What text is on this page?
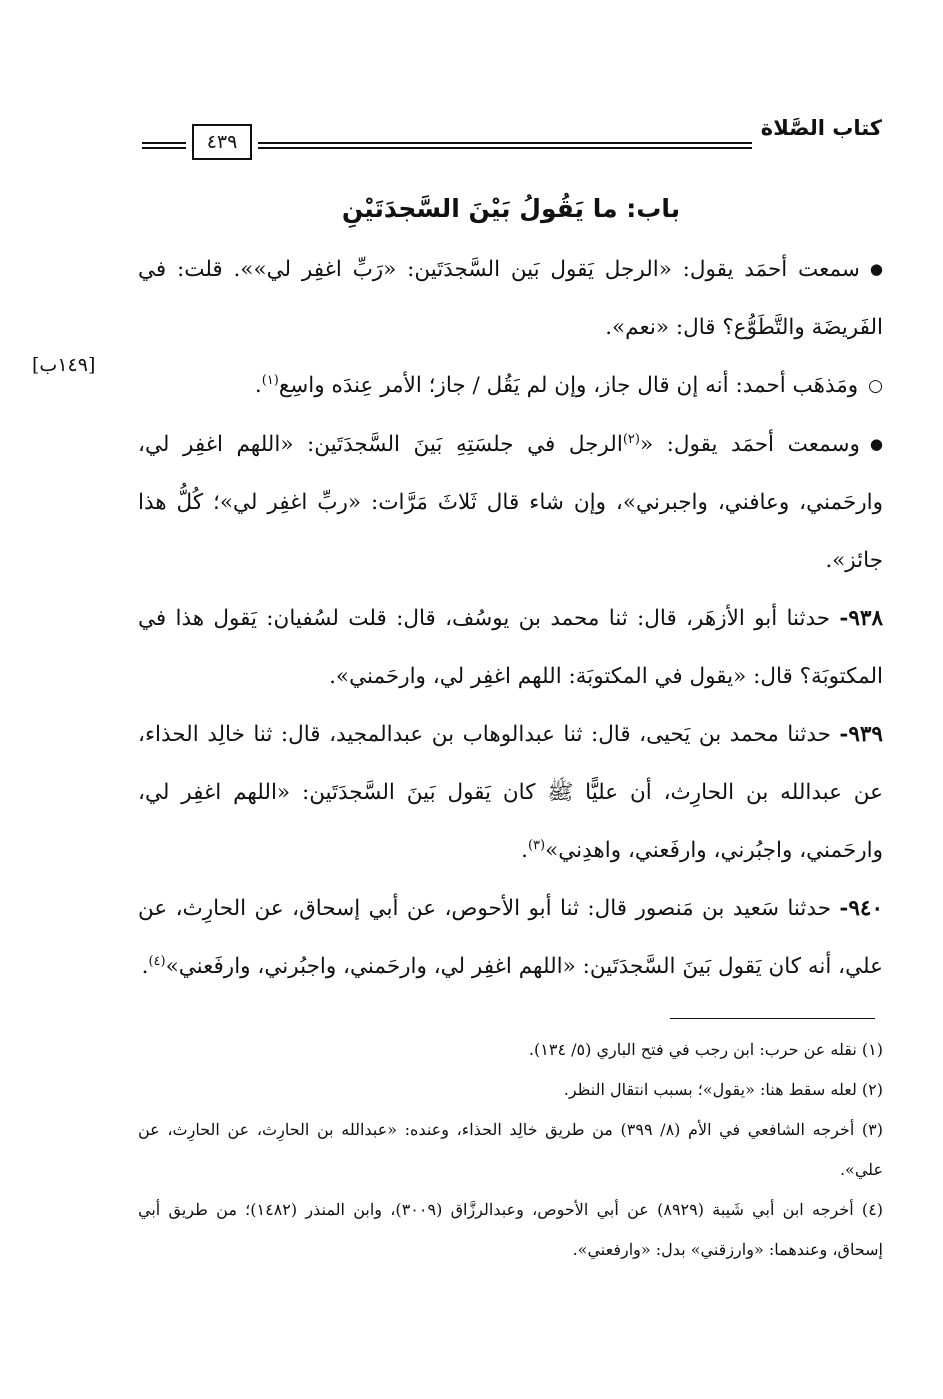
كتاب الصَّلاة
٤٣٩
باب: ما يَقُولُ بَيْنَ السَّجدَتَيْنِ
[١٤٩ب]

●سمعت أحمَد يقول: «الرجل يَقول بَين السَّجدَتَين: «رَبِّ اغفِر لي»». قلت: في الفَريضَة والتَّطَوُّع؟ قال: «نعم».

○ومَذهَب أحمد: أنه إن قال جاز، وإن لم يَقُل / جاز؛ الأمر عِندَه واسِع$^{(١)}$.

●وسمعت أحمَد يقول: «$^{(٢)}$الرجل في جلسَتِهِ بَينَ السَّجدَتَين: «اللهم اغفِر لي، وارحَمني، وعافني، واجبرني»، وإن شاء قال ثَلاثَ مَرَّات: «ربِّ اغفِر لي»؛ كُلُّ هذا جائز».

٩٣٨- حدثنا أبو الأزهَر، قال: ثنا محمد بن يوسُف، قال: قلت لسُفيان: يَقول هذا في المكتوبَة؟ قال: «يقول في المكتوبَة: اللهم اغفِر لي، وارحَمني».

٩٣٩- حدثنا محمد بن يَحيى، قال: ثنا عبدالوهاب بن عبدالمجيد، قال: ثنا خالِد الحذاء، عن عبدالله بن الحارِث، أن عليًّا ﷺ كان يَقول بَينَ السَّجدَتَين: «اللهم اغفِر لي، وارحَمني، واجبُرني، وارفَعني، واهدِني»$^{(٣)}$.

٩٤٠- حدثنا سَعيد بن مَنصور قال: ثنا أبو الأحوص، عن أبي إسحاق، عن الحارِث، عن علي، أنه كان يَقول بَينَ السَّجدَتَين: «اللهم اغفِر لي، وارحَمني، واجبُرني، وارفَعني»$^{(٤)}$.

(١) نقله عن حرب: ابن رجب في فتح الباري (٥/ ١٣٤).

(٢) لعله سقط هنا: «يقول»؛ بسبب انتقال النظر.

(٣) أخرجه الشافعي في الأم (٨/ ٣٩٩) من طريق خالِد الحذاء، وعنده: «عبدالله بن الحارِث، عن الحارِث، عن علي».

(٤) أخرجه ابن أبي شَيبة (٨٩٢٩) عن أبي الأحوص، وعبدالرزَّاق (٣٠٠٩)، وابن المنذر (١٤٨٢)؛ من طريق أبي إسحاق، وعندهما: «وارزقني» بدل: «وارفعني».
